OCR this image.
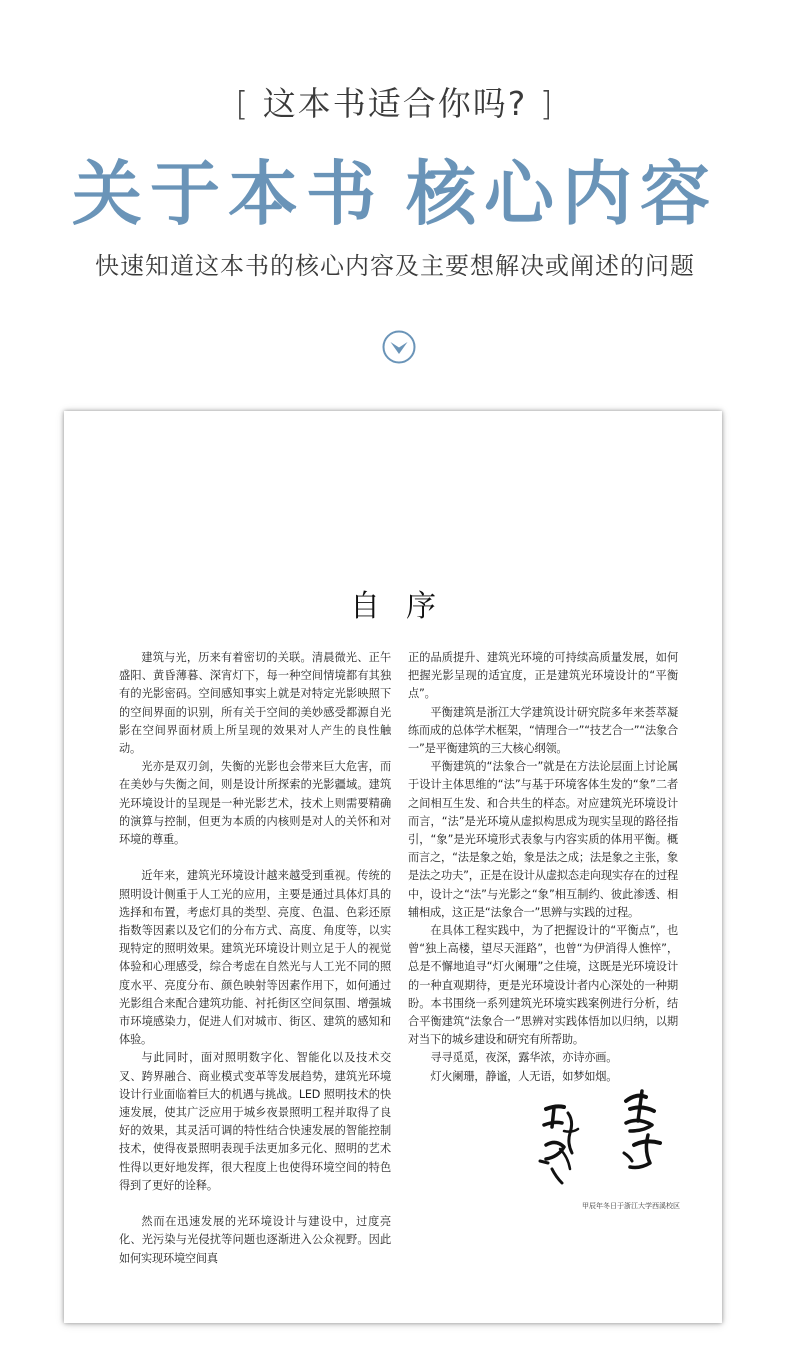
[ 这本书适合你吗? ]
关于本书 核心内容
快速知道这本书的核心内容及主要想解决或阐述的问题
自序

建筑与光，历来有着密切的关联。清晨微光、正午盛阳、黄昏薄暮、深宵灯下，每一种空间情境都有其独有的光影密码。空间感知事实上就是对特定光影映照下的空间界面的识别，所有关于空间的美妙感受都源自光影在空间界面材质上所呈现的效果对人产生的良性触动。

光亦是双刃剑，失衡的光影也会带来巨大危害，而在美妙与失衡之间，则是设计所探索的光影疆域。建筑光环境设计的呈现是一种光影艺术，技术上则需要精确的演算与控制，但更为本质的内核则是对人的关怀和对环境的尊重。

近年来，建筑光环境设计越来越受到重视。传统的照明设计侧重于人工光的应用，主要是通过具体灯具的选择和布置，考虑灯具的类型、亮度、色温、色彩还原指数等因素以及它们的分布方式、高度、角度等，以实现特定的照明效果。建筑光环境设计则立足于人的视觉体验和心理感受，综合考虑在自然光与人工光不同的照度水平、亮度分布、颜色映射等因素作用下，如何通过光影组合来配合建筑功能、衬托街区空间氛围、增强城市环境感染力，促进人们对城市、街区、建筑的感知和体验。

与此同时，面对照明数字化、智能化以及技术交叉、跨界融合、商业模式变革等发展趋势，建筑光环境设计行业面临着巨大的机遇与挑战。LED 照明技术的快速发展，使其广泛应用于城乡夜景照明工程并取得了良好的效果，其灵活可调的特性结合快速发展的智能控制技术，使得夜景照明表现手法更加多元化、照明的艺术性得以更好地发挥，很大程度上也使得环境空间的特色得到了更好的诠释。

然而在迅速发展的光环境设计与建设中，过度亮化、光污染与光侵扰等问题也逐渐进入公众视野。因此如何实现环境空间真

正的品质提升、建筑光环境的可持续高质量发展，如何把握光影呈现的适宜度，正是建筑光环境设计的“平衡点”。

平衡建筑是浙江大学建筑设计研究院多年来荟萃凝练而成的总体学术框架，“情理合一”“技艺合一”“法象合一”是平衡建筑的三大核心纲领。

平衡建筑的“法象合一”就是在方法论层面上讨论属于设计主体思维的“法”与基于环境客体生发的“象”二者之间相互生发、和合共生的样态。对应建筑光环境设计而言，“法”是光环境从虚拟构思成为现实呈现的路径指引，“象”是光环境形式表象与内容实质的体用平衡。概而言之，“法是象之始，象是法之成；法是象之主张，象是法之功夫”，正是在设计从虚拟态走向现实存在的过程中，设计之“法”与光影之“象”相互制约、彼此渗透、相辅相成，这正是“法象合一”思辨与实践的过程。

在具体工程实践中，为了把握设计的“平衡点”，也曾“独上高楼，望尽天涯路”，也曾“为伊消得人憔悴”，总是不懈地追寻“灯火阑珊”之佳境，这既是光环境设计的一种直观期待，更是光环境设计者内心深处的一种期盼。本书围绕一系列建筑光环境实践案例进行分析，结合平衡建筑“法象合一”思辨对实践体悟加以归纳，以期对当下的城乡建设和研究有所帮助。

寻寻觅觅，夜深，露华浓，亦诗亦画。

灯火阑珊，静谧，人无语，如梦如烟。

甲辰年冬日于浙江大学西溪校区
